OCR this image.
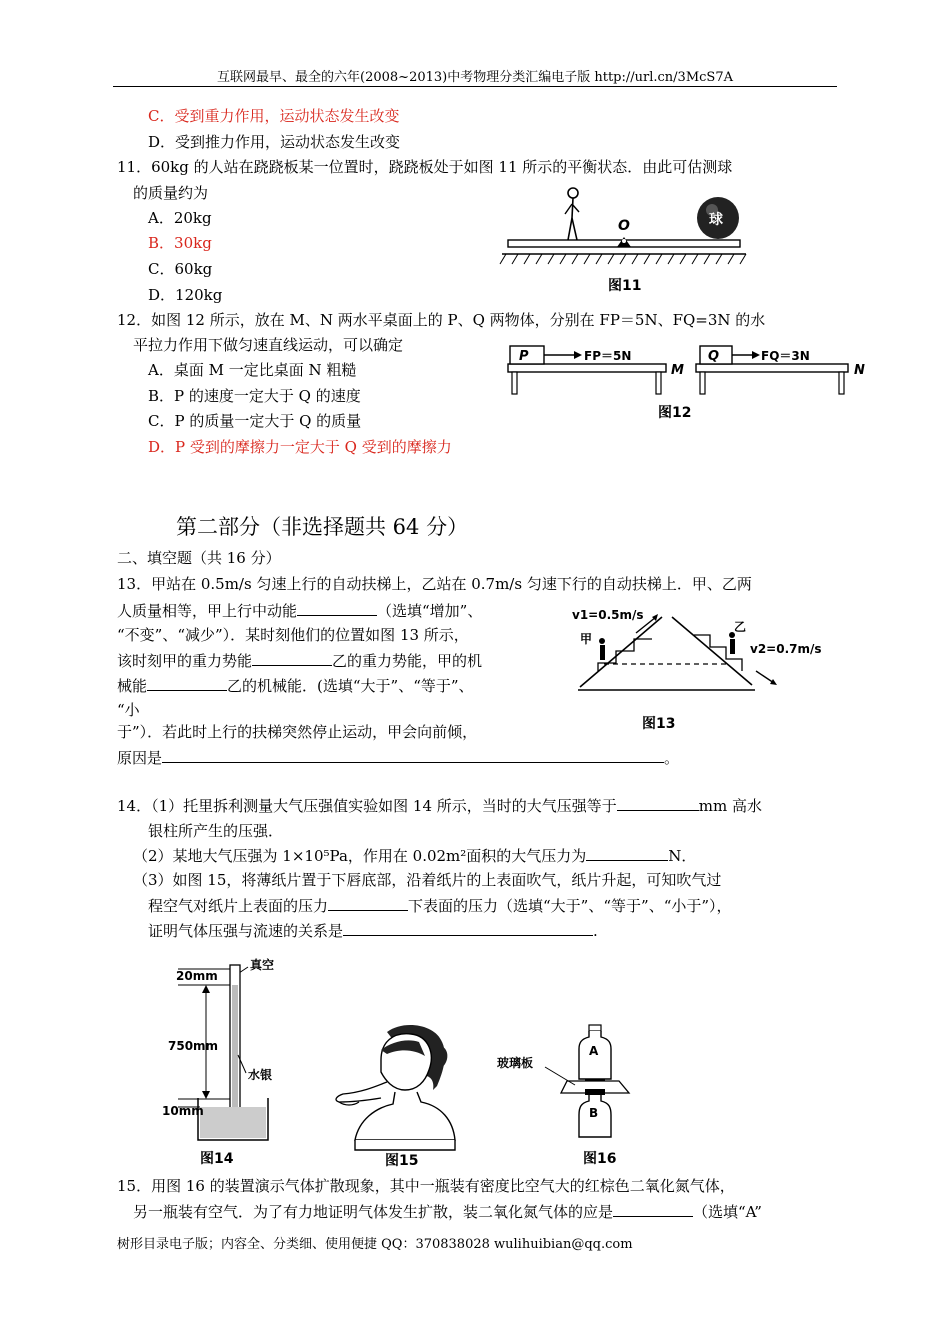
互联网最早、最全的六年(2008~2013)中考物理分类汇编电子版 http://url.cn/3McS7A
C．受到重力作用，运动状态发生改变
D．受到推力作用，运动状态发生改变
11．60kg 的人站在跷跷板某一位置时，跷跷板处于如图 11 所示的平衡状态．由此可估测球
的质量约为
A．20kg
B．30kg
C．60kg
D．120kg
O	球
图11
12．如图 12 所示，放在 M、N 两水平桌面上的 P、Q 两物体，分别在 FP＝5N、FQ=3N 的水
平拉力作用下做匀速直线运动，可以确定
A．桌面 M 一定比桌面 N 粗糙
B．P 的速度一定大于 Q 的速度
C．P 的质量一定大于 Q 的质量
D．P 受到的摩擦力一定大于 Q 受到的摩擦力
P	FP＝5N
M
Q	FQ＝3N
N
图12
第二部分（非选择题共 64 分）
二、填空题（共 16 分）
13．甲站在 0.5m/s 匀速上行的自动扶梯上，乙站在 0.7m/s 匀速下行的自动扶梯上．甲、乙两
人质量相等，甲上行中动能	（选填“增加”、
“不变”、“减少”）．某时刻他们的位置如图 13 所示，
该时刻甲的重力势能	乙的重力势能，甲的机
械能	乙的机械能．(选填“大于”、“等于”、
“小
于”）．若此时上行的扶梯突然停止运动，甲会向前倾，
原因是	。
v1=0.5m/s
甲
乙
v2=0.7m/s
图13
14．（1）托里拆利测量大气压强值实验如图 14 所示，当时的大气压强等于	mm 高水
银柱所产生的压强．
（2）某地大气压强为 1×10⁵Pa，作用在 0.02m²面积的大气压力为	N．
（3）如图 15，将薄纸片置于下唇底部，沿着纸片的上表面吹气，纸片升起，可知吹气过
程空气对纸片上表面的压力	下表面的压力（选填“大于”、“等于”、“小于”），
证明气体压强与流速的关系是	.
20mm
真空
750mm
水银
10mm
图14	图15
A
玻璃板
B
图16
15．用图 16 的装置演示气体扩散现象，其中一瓶装有密度比空气大的红棕色二氧化氮气体，
另一瓶装有空气．为了有力地证明气体发生扩散，装二氧化氮气体的应是	（选填“A”
树形目录电子版；内容全、分类细、使用便捷 QQ：370838028 wulihuibian@qq.com
